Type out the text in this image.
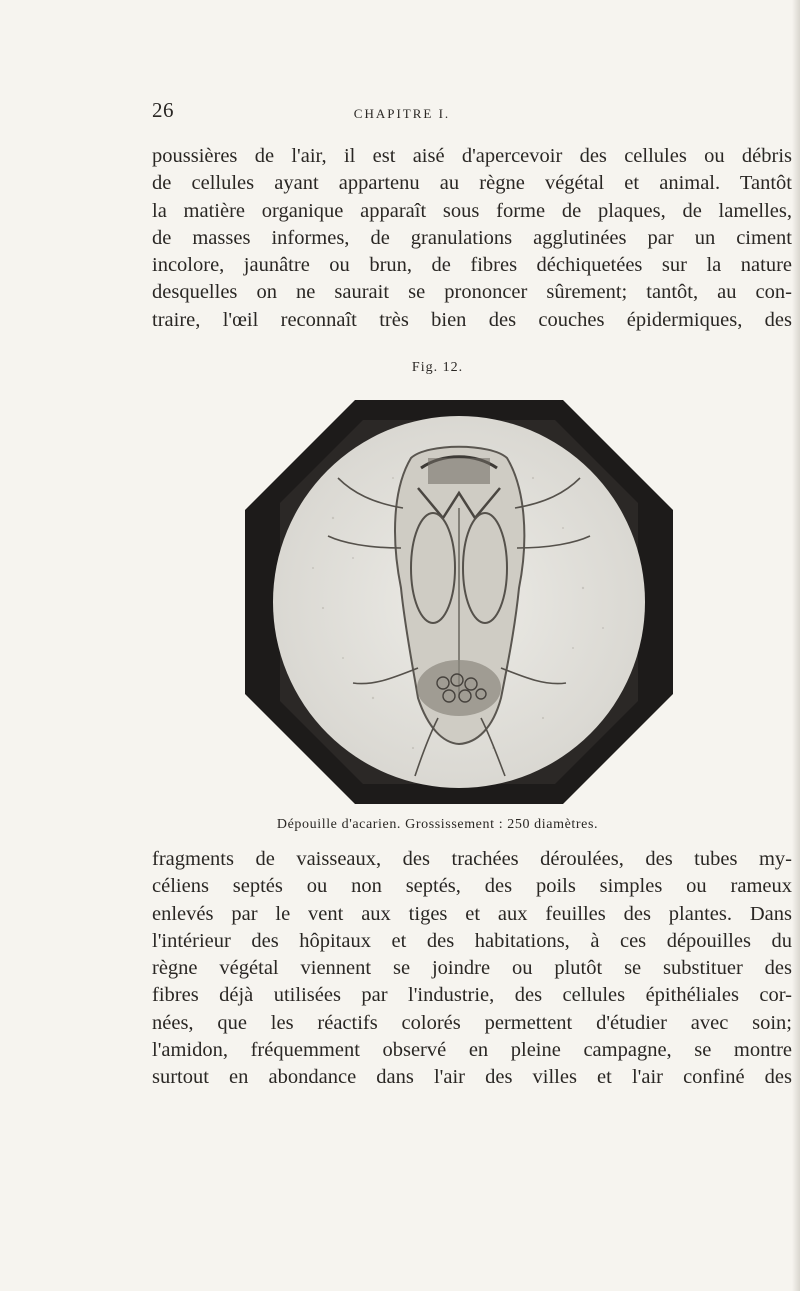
26	CHAPITRE I.
poussières de l'air, il est aisé d'apercevoir des cellules ou débris
de cellules ayant appartenu au règne végétal et animal. Tantôt
la matière organique apparaît sous forme de plaques, de lamelles,
de masses informes, de granulations agglutinées par un ciment
incolore, jaunâtre ou brun, de fibres déchiquetées sur la nature
desquelles on ne saurait se prononcer sûrement; tantôt, au con-
traire, l'œil reconnaît très bien des couches épidermiques, des
Fig. 12.
Dépouille d'acarien. Grossissement : 250 diamètres.
fragments de vaisseaux, des trachées déroulées, des tubes my-
céliens septés ou non septés, des poils simples ou rameux
enlevés par le vent aux tiges et aux feuilles des plantes. Dans
l'intérieur des hôpitaux et des habitations, à ces dépouilles du
règne végétal viennent se joindre ou plutôt se substituer des
fibres déjà utilisées par l'industrie, des cellules épithéliales cor-
nées, que les réactifs colorés permettent d'étudier avec soin;
l'amidon, fréquemment observé en pleine campagne, se montre
surtout en abondance dans l'air des villes et l'air confiné des
